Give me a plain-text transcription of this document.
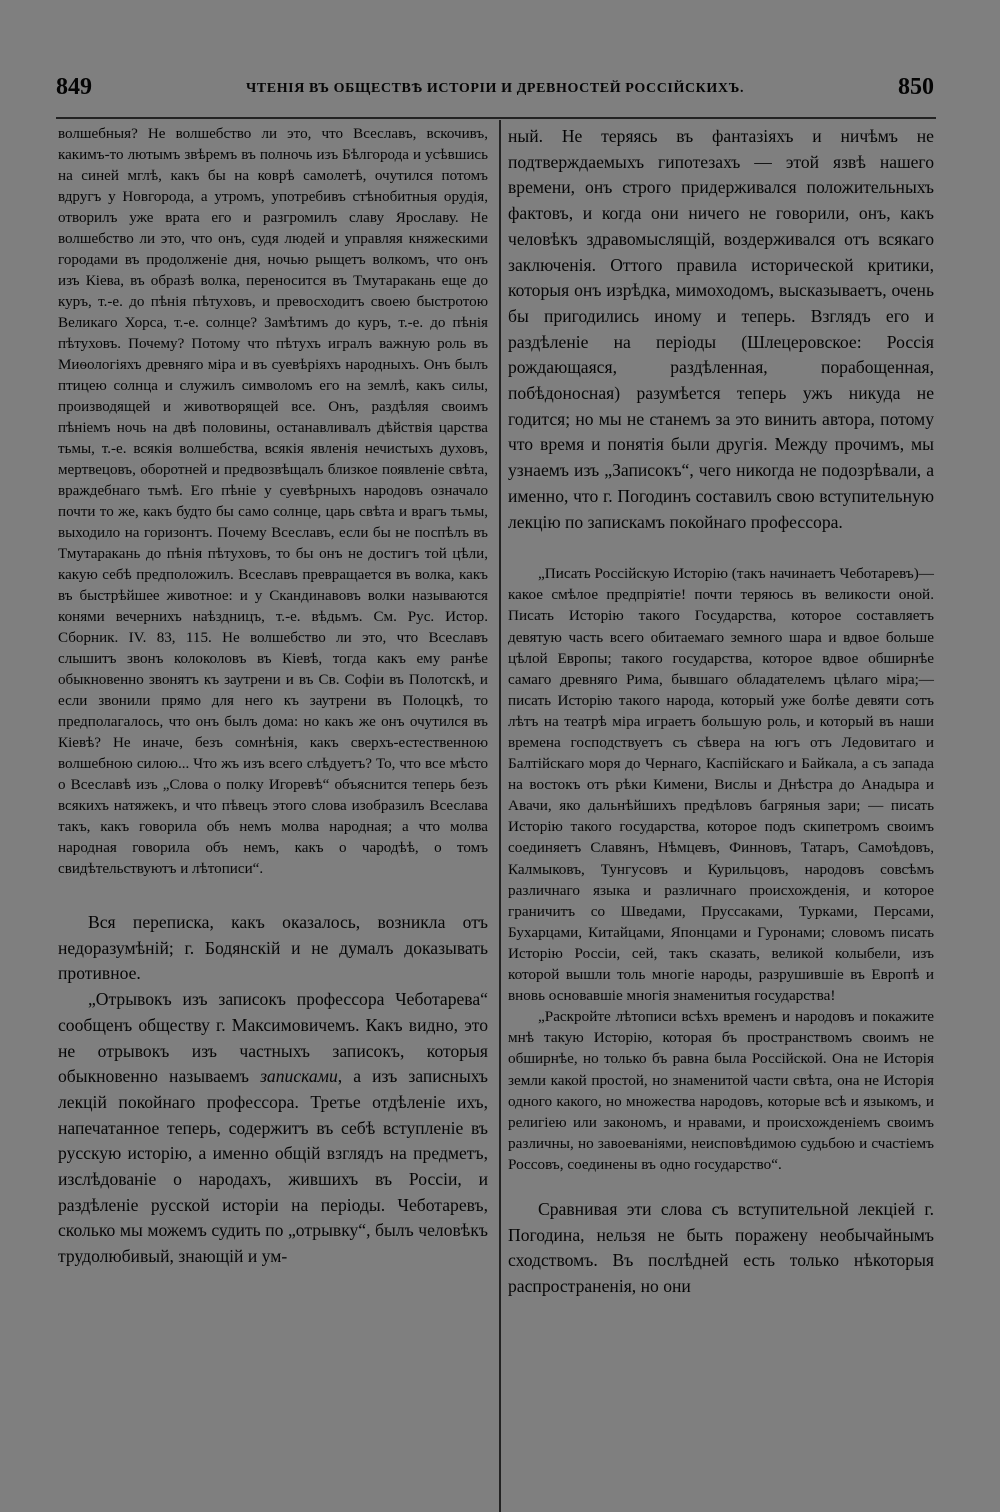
849	ЧТЕНІЯ ВЪ ОБЩЕСТВѢ ИСТОРІИ И ДРЕВНОСТЕЙ РОССІЙСКИХЪ.	850

волшебныя? Не волшебство ли это, что Всеславъ, вскочивъ, какимъ-то лютымъ звѣремъ въ полночь изъ Бѣлгорода и усѣвшись на синей мглѣ, какъ бы на коврѣ самолетѣ, очутился потомъ вдругъ у Новгорода, а утромъ, употребивъ стѣнобитныя орудія, отворилъ уже врата его и разгромилъ славу Ярославу. Не волшебство ли это, что онъ, судя людей и управляя княжескими городами въ продолженіе дня, ночью рыщетъ волкомъ, что онъ изъ Кіева, въ образѣ волка, переносится въ Тмутаракань еще до куръ, т.-е. до пѣнія пѣтуховъ, и превосходитъ своею быстротою Великаго Хорса, т.-е. солнце? Замѣтимъ до куръ, т.-е. до пѣнія пѣтуховъ. Почему? Потому что пѣтухъ игралъ важную роль въ Миѳологіяхъ древняго міра и въ суевѣріяхъ народныхъ. Онъ былъ птицею солнца и служилъ символомъ его на землѣ, какъ силы, производящей и животворящей все. Онъ, раздѣляя своимъ пѣніемъ ночь на двѣ половины, останавливалъ дѣйствія царства тьмы, т.-е. всякія волшебства, всякія явленія нечистыхъ духовъ, мертвецовъ, оборотней и предвозвѣщалъ близкое появленіе свѣта, враждебнаго тьмѣ. Его пѣніе у суевѣрныхъ народовъ означало почти то же, какъ будто бы само солнце, царь свѣта и врагъ тьмы, выходило на горизонтъ. Почему Всеславъ, если бы не поспѣлъ въ Тмутаракань до пѣнія пѣтуховъ, то бы онъ не достигъ той цѣли, какую себѣ предположилъ. Всеславъ превращается въ волка, какъ въ быстрѣйшее животное: и у Скандинавовъ волки называются конями вечернихъ наѣздницъ, т.-е. вѣдьмъ. См. Рус. Истор. Сборник. IV. 83, 115. Не волшебство ли это, что Всеславъ слышитъ звонъ колоколовъ въ Кіевѣ, тогда какъ ему ранѣе обыкновенно звонятъ къ заутрени и въ Св. Софіи въ Полотскѣ, и если звонили прямо для него къ заутрени въ Полоцкѣ, то предполагалось, что онъ былъ дома: но какъ же онъ очутился въ Кіевѣ? Не иначе, безъ сомнѣнія, какъ сверхъ-естественною волшебною силою... Что жъ изъ всего слѣдуетъ? То, что все мѣсто о Всеславѣ изъ „Слова о полку Игоревѣ“ объяснится теперь безъ всякихъ натяжекъ, и что пѣвецъ этого слова изобразилъ Всеслава такъ, какъ говорила объ немъ молва народная; а что молва народная говорила объ немъ, какъ о чародѣѣ, о томъ свидѣтельствуютъ и лѣтописи“.

Вся переписка, какъ оказалось, возникла отъ недоразумѣній; г. Бодянскій и не думалъ доказывать противное.

„Отрывокъ изъ записокъ профессора Чеботарева“ сообщенъ обществу г. Максимовичемъ. Какъ видно, это не отрывокъ изъ частныхъ записокъ, которыя обыкновенно называемъ записками, а изъ записныхъ лекцій покойнаго профессора. Третье отдѣленіе ихъ, напечатанное теперь, содержитъ въ себѣ вступленіе въ русскую исторію, а именно общій взглядъ на предметъ, изслѣдованіе о народахъ, жившихъ въ Россіи, и раздѣленіе русской исторіи на періоды. Чеботаревъ, сколько мы можемъ судить по „отрывку“, былъ человѣкъ трудолюбивый, знающій и ум-

ный. Не теряясь въ фантазіяхъ и ничѣмъ не подтверждаемыхъ гипотезахъ — этой язвѣ нашего времени, онъ строго придерживался положительныхъ фактовъ, и когда они ничего не говорили, онъ, какъ человѣкъ здравомыслящій, воздерживался отъ всякаго заключенія. Оттого правила исторической критики, которыя онъ изрѣдка, мимоходомъ, высказываетъ, очень бы пригодились иному и теперь. Взглядъ его и раздѣленіе на періоды (Шлецеровское: Россія рождающаяся, раздѣленная, порабощенная, побѣдоносная) разумѣется теперь ужъ никуда не годится; но мы не станемъ за это винить автора, потому что время и понятія были другія. Между прочимъ, мы узнаемъ изъ „Записокъ“, чего никогда не подозрѣвали, а именно, что г. Погодинъ составилъ свою вступительную лекцію по запискамъ покойнаго профессора.

„Писать Россійскую Исторію (такъ начинаетъ Чеботаревъ)—какое смѣлое предпріятіе! почти теряюсь въ великости оной. Писать Исторію такого Государства, которое составляетъ девятую часть всего обитаемаго земного шара и вдвое больше цѣлой Европы; такого государства, которое вдвое обширнѣе самаго древняго Рима, бывшаго обладателемъ цѣлаго міра;— писать Исторію такого народа, который уже болѣе девяти сотъ лѣтъ на театрѣ міра играетъ большую роль, и который въ наши времена господствуетъ съ сѣвера на югъ отъ Ледовитаго и Балтійскаго моря до Чернаго, Каспійскаго и Байкала, а съ запада на востокъ отъ рѣки Кимени, Вислы и Днѣстра до Анадыра и Авачи, яко дальнѣйшихъ предѣловъ багряныя зари; — писать Исторію такого государства, которое подъ скипетромъ своимъ соединяетъ Славянъ, Нѣмцевъ, Финновъ, Татаръ, Самоѣдовъ, Калмыковъ, Тунгусовъ и Курильцовъ, народовъ совсѣмъ различнаго языка и различнаго происхожденія, и которое граничитъ со Шведами, Пруссаками, Турками, Персами, Бухарцами, Китайцами, Японцами и Гуронами; словомъ писать Исторію Россіи, сей, такъ сказать, великой колыбели, изъ которой вышли толь многіе народы, разрушившіе въ Европѣ и вновь основавшіе многія знаменитыя государства!

„Раскройте лѣтописи всѣхъ временъ и народовъ и покажите мнѣ такую Исторію, которая бъ пространствомъ своимъ не обширнѣе, но только бъ равна была Россійской. Она не Исторія земли какой простой, но знаменитой части свѣта, она не Исторія одного какого, но множества народовъ, которые всѣ и языкомъ, и религіею или закономъ, и нравами, и происхожденіемъ своимъ различны, но завоеваніями, неисповѣдимою судьбою и счастіемъ Россовъ, соединены въ одно государство“.

Сравнивая эти слова съ вступительной лекціей г. Погодина, нельзя не быть поражену необычайнымъ сходствомъ. Въ послѣдней есть только нѣкоторыя распространенія, но они
